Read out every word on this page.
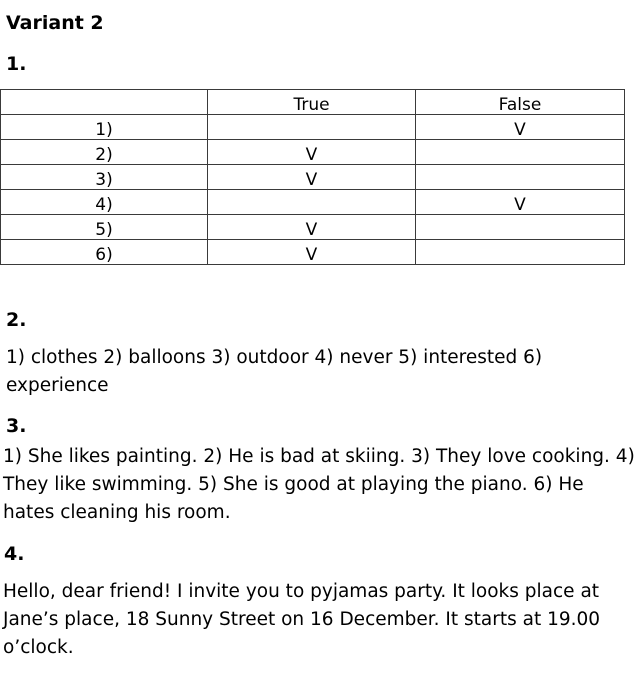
Variant 2
1.
	True	False
1)		V
2)	V	
3)	V	
4)		V
5)	V	
6)	V	
2.

1) clothes 2) balloons 3) outdoor 4) never 5) interested 6) experience

3.

1) She likes painting. 2) He is bad at skiing. 3) They love cooking. 4) They like swimming. 5) She is good at playing the piano. 6) He hates cleaning his room.

4.

Hello, dear friend! I invite you to pyjamas party. It looks place at Jane’s place, 18 Sunny Street on 16 December. It starts at 19.00 o’clock.
